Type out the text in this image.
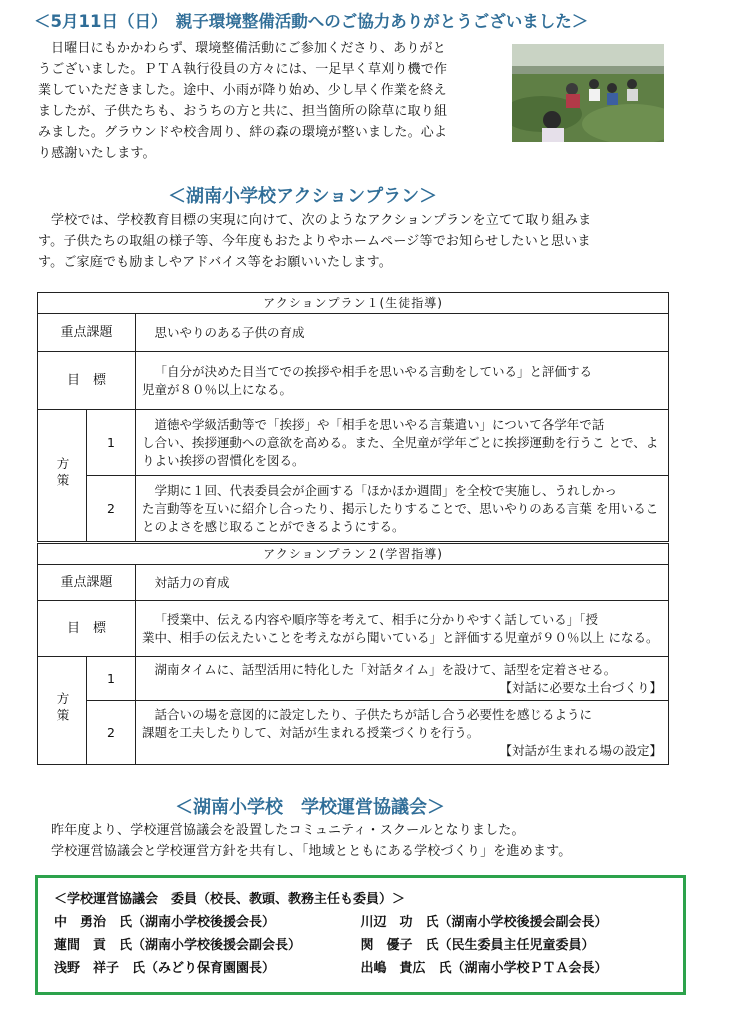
＜5月11日（日）　親子環境整備活動へのご協力ありがとうございました＞
日曜日にもかかわらず、環境整備活動にご参加くださり、ありがと
うございました。ＰＴＡ執行役員の方々には、一足早く草刈り機で作
業していただきました。途中、小雨が降り始め、少し早く作業を終え
ましたが、子供たちも、おうちの方と共に、担当箇所の除草に取り組
みました。グラウンドや校舎周り、絆の森の環境が整いました。心よ
り感謝いたします。
＜湖南小学校アクションプラン＞
学校では、学校教育目標の実現に向けて、次のようなアクションプランを立てて取り組みま
す。子供たちの取組の様子等、今年度もおたよりやホームページ等でお知らせしたいと思いま
す。ご家庭でも励ましやアドバイス等をお願いいたします。
アクションプラン１(生徒指導)		
重点課題		思いやりのある子供の育成

目　標		「自分が決めた目当てでの挨拶や相手を思いやる言動をしている」と評価する
児童が８０％以上になる。
方策	1	道徳や学級活動等で「挨拶」や「相手を思いやる言葉遣い」について各学年で話
し合い、挨拶運動への意欲を高める。また、全児童が学年ごとに挨拶運動を行うこ とで、よりよい挨拶の習慣化を図る。
	2	学期に１回、代表委員会が企画する「ほかほか週間」を全校で実施し、うれしかっ
た言動等を互いに紹介し合ったり、掲示したりすることで、思いやりのある言葉 を用いることのよさを感じ取ることができるようにする。
アクションプラン２(学習指導)		
重点課題		対話力の育成

目　標		「授業中、伝える内容や順序等を考えて、相手に分かりやすく話している」「授
業中、相手の伝えたいことを考えながら聞いている」と評価する児童が９０％以上 になる。
方策	1	湖南タイムに、話型活用に特化した「対話タイム」を設けて、話型を定着させる。
【対話に必要な土台づくり】

	2	話合いの場を意図的に設定したり、子供たちが話し合う必要性を感じるように
課題を工夫したりして、対話が生まれる授業づくりを行う。
【対話が生まれる場の設定】
＜湖南小学校　学校運営協議会＞
昨年度より、学校運営協議会を設置したコミュニティ・スクールとなりました。
学校運営協議会と学校運営方針を共有し、「地域とともにある学校づくり」を進めます。
＜学校運営協議会　委員（校長、教頭、教務主任も委員）＞
中　勇治　氏（湖南小学校後援会長）	川辺　功　氏（湖南小学校後援会副会長）
蓮間　貢　氏（湖南小学校後援会副会長）	関　優子　氏（民生委員主任児童委員）
浅野　祥子　氏（みどり保育園園長）	出嶋　貴広　氏（湖南小学校ＰＴＡ会長）
